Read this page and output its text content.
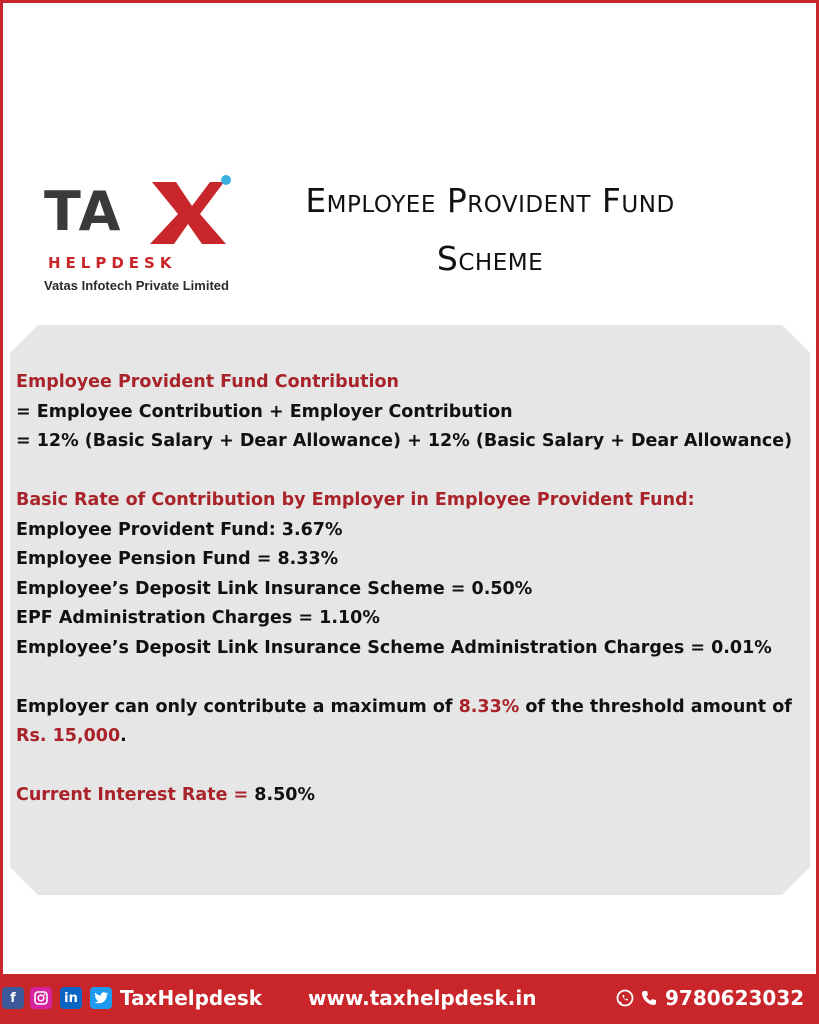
TA
HELPDESK
Vatas Infotech Private Limited
Employee Provident Fund
Scheme

Employee Provident Fund Contribution

= Employee Contribution + Employer Contribution

= 12% (Basic Salary + Dear Allowance) + 12% (Basic Salary + Dear Allowance)

Basic Rate of Contribution by Employer in Employee Provident Fund:

Employee Provident Fund: 3.67%

Employee Pension Fund = 8.33%

Employee’s Deposit Link Insurance Scheme = 0.50%

EPF Administration Charges = 1.10%

Employee’s Deposit Link Insurance Scheme Administration Charges = 0.01%

Employer can only contribute a maximum of 8.33% of the threshold amount of Rs. 15,000.

Current Interest Rate = 8.50%

f	in TaxHelpdesk www.taxhelpdesk.in	9780623032
